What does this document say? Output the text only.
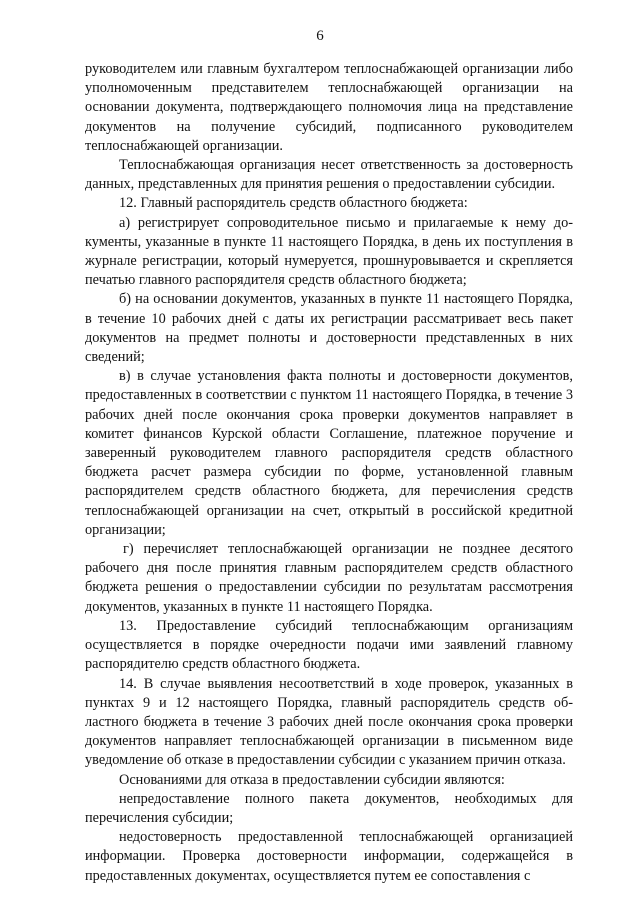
6

руководителем или главным бухгалтером теплоснабжающей организации либо уполномоченным представителем теплоснабжающей организации на основании документа, подтверждающего полномочия лица на представление документов на получение субсидий, подписанного руководителем теплоснабжающей организации.

Теплоснабжающая организация несет ответственность за достоверность данных, представленных для принятия решения о предоставлении субсидии.

12. Главный распорядитель средств областного бюджета:

а) регистрирует сопроводительное письмо и прилагаемые к нему документы, указанные в пункте 11 настоящего Порядка, в день их поступления в журнале регистрации, который нумеруется, прошнуровывается и скрепляется печатью главного распорядителя средств областного бюджета;

б) на основании документов, указанных в пункте 11 настоящего Порядка, в течение 10 рабочих дней с даты их регистрации рассматривает весь пакет документов на предмет полноты и достоверности представленных в них сведений;

в) в случае установления факта полноты и достоверности документов, предоставленных в соответствии с пунктом 11 настоящего Порядка, в течение 3 рабочих дней после окончания срока проверки документов направляет в комитет финансов Курской области Соглашение, платежное поручение и заверенный руководителем главного распорядителя средств областного бюджета расчет размера субсидии по форме, установленной главным распорядителем средств областного бюджета, для перечисления средств теплоснабжающей организации на счет, открытый в российской кредитной организации;

г) перечисляет теплоснабжающей организации не позднее десятого рабочего дня после принятия главным распорядителем средств областного бюджета решения о предоставлении субсидии по результатам рассмотрения документов, указанных в пункте 11 настоящего Порядка.

13. Предоставление субсидий теплоснабжающим организациям осуществляется в порядке очередности подачи ими заявлений главному распорядителю средств областного бюджета.

14. В случае выявления несоответствий в ходе проверок, указанных в пунктах 9 и 12 настоящего Порядка, главный распорядитель средств областного бюджета в течение 3 рабочих дней после окончания срока проверки документов направляет теплоснабжающей организации в письменном виде уведомление об отказе в предоставлении субсидии с указанием причин отказа.

Основаниями для отказа в предоставлении субсидии являются:

непредоставление полного пакета документов, необходимых для перечисления субсидии;

недостоверность предоставленной теплоснабжающей организацией информации. Проверка достоверности информации, содержащейся в предоставленных документах, осуществляется путем ее сопоставления с
